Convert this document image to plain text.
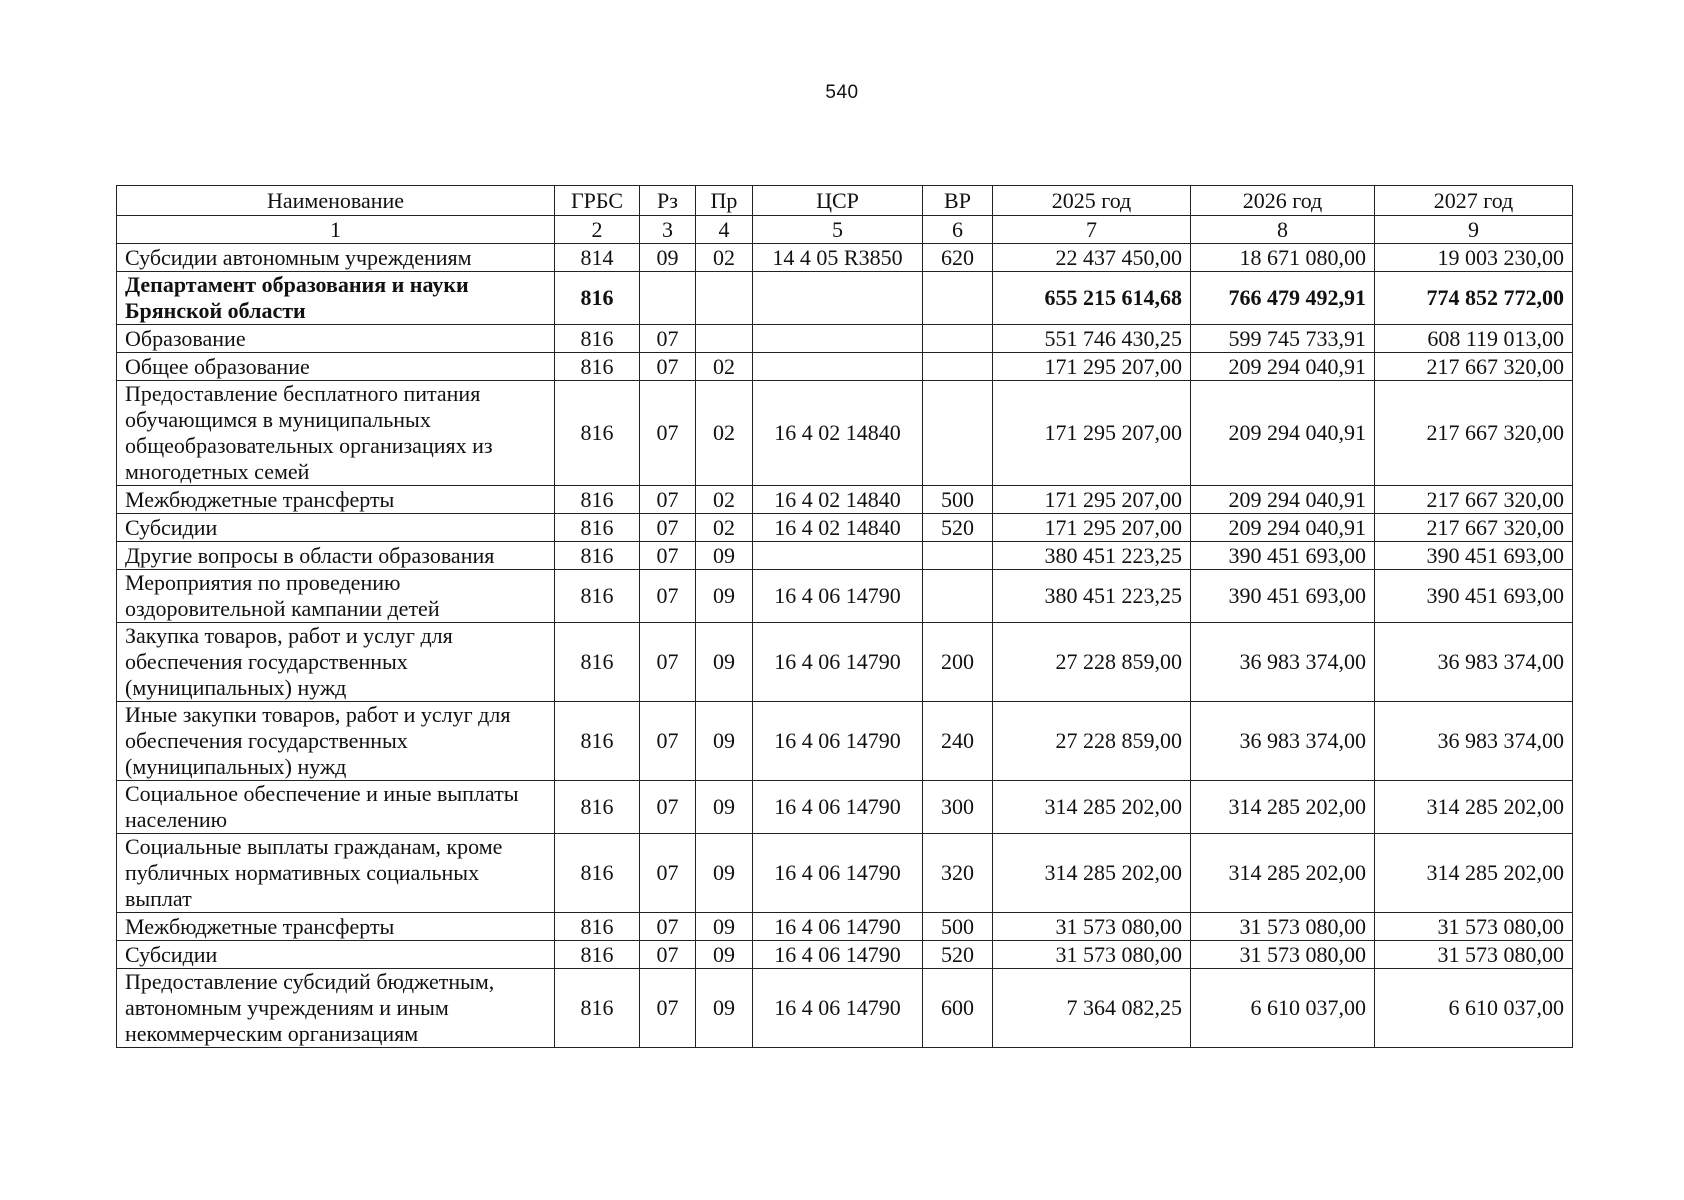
540
Наименование	ГРБС	Рз	Пр	ЦСР	ВР	2025 год	2026 год	2027 год
1	2	3	4	5	6	7	8	9
Субсидии автономным учреждениям	814	09	02	14 4 05 R3850	620	22 437 450,00	18 671 080,00	19 003 230,00
Департамент образования и науки Брянской области	816					655 215 614,68	766 479 492,91	774 852 772,00
Образование	816	07				551 746 430,25	599 745 733,91	608 119 013,00
Общее образование	816	07	02			171 295 207,00	209 294 040,91	217 667 320,00
Предоставление бесплатного питания обучающимся в муниципальных общеобразовательных организациях из многодетных семей	816	07	02	16 4 02 14840		171 295 207,00	209 294 040,91	217 667 320,00
Межбюджетные трансферты	816	07	02	16 4 02 14840	500	171 295 207,00	209 294 040,91	217 667 320,00
Субсидии	816	07	02	16 4 02 14840	520	171 295 207,00	209 294 040,91	217 667 320,00
Другие вопросы в области образования	816	07	09			380 451 223,25	390 451 693,00	390 451 693,00
Мероприятия по проведению оздоровительной кампании детей	816	07	09	16 4 06 14790		380 451 223,25	390 451 693,00	390 451 693,00
Закупка товаров, работ и услуг для обеспечения государственных (муниципальных) нужд	816	07	09	16 4 06 14790	200	27 228 859,00	36 983 374,00	36 983 374,00
Иные закупки товаров, работ и услуг для обеспечения государственных (муниципальных) нужд	816	07	09	16 4 06 14790	240	27 228 859,00	36 983 374,00	36 983 374,00
Социальное обеспечение и иные выплаты населению	816	07	09	16 4 06 14790	300	314 285 202,00	314 285 202,00	314 285 202,00
Социальные выплаты гражданам, кроме публичных нормативных социальных выплат	816	07	09	16 4 06 14790	320	314 285 202,00	314 285 202,00	314 285 202,00
Межбюджетные трансферты	816	07	09	16 4 06 14790	500	31 573 080,00	31 573 080,00	31 573 080,00
Субсидии	816	07	09	16 4 06 14790	520	31 573 080,00	31 573 080,00	31 573 080,00
Предоставление субсидий бюджетным, автономным учреждениям и иным некоммерческим организациям	816	07	09	16 4 06 14790	600	7 364 082,25	6 610 037,00	6 610 037,00
